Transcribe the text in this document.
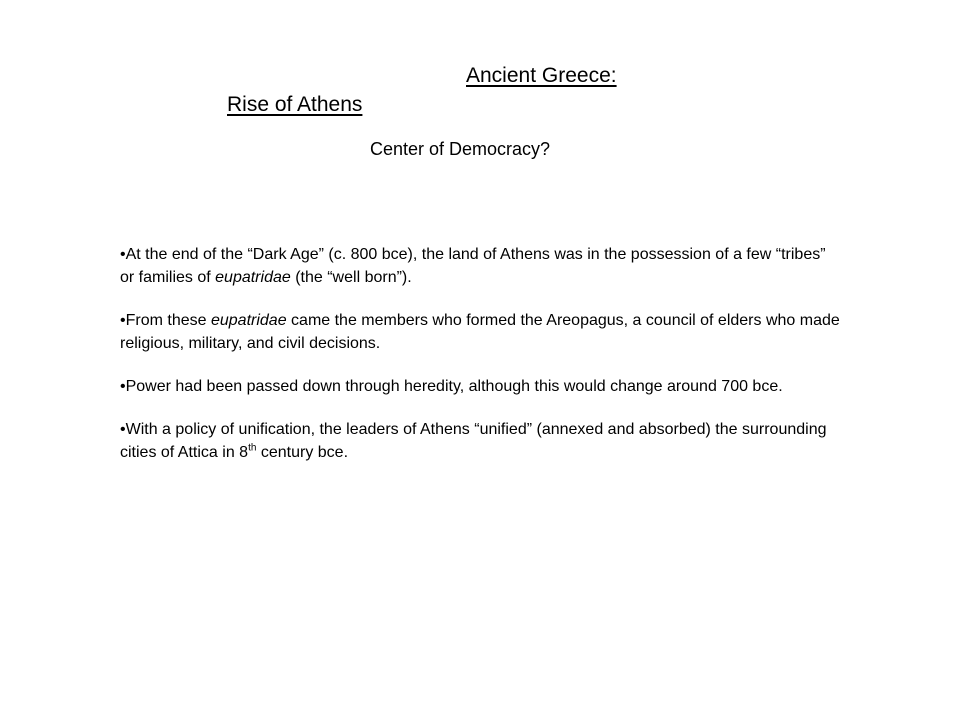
Ancient Greece:
Rise of Athens
Center of Democracy?

•At the end of the “Dark Age” (c. 800 bce), the land of Athens was in the possession of a few “tribes” or families of eupatridae (the “well born”).

•From these eupatridae came the members who formed the Areopagus, a council of elders who made religious, military, and civil decisions.

•Power had been passed down through heredity, although this would change around 700 bce.

•With a policy of unification, the leaders of Athens “unified” (annexed and absorbed) the surrounding cities of Attica in 8th century bce.
